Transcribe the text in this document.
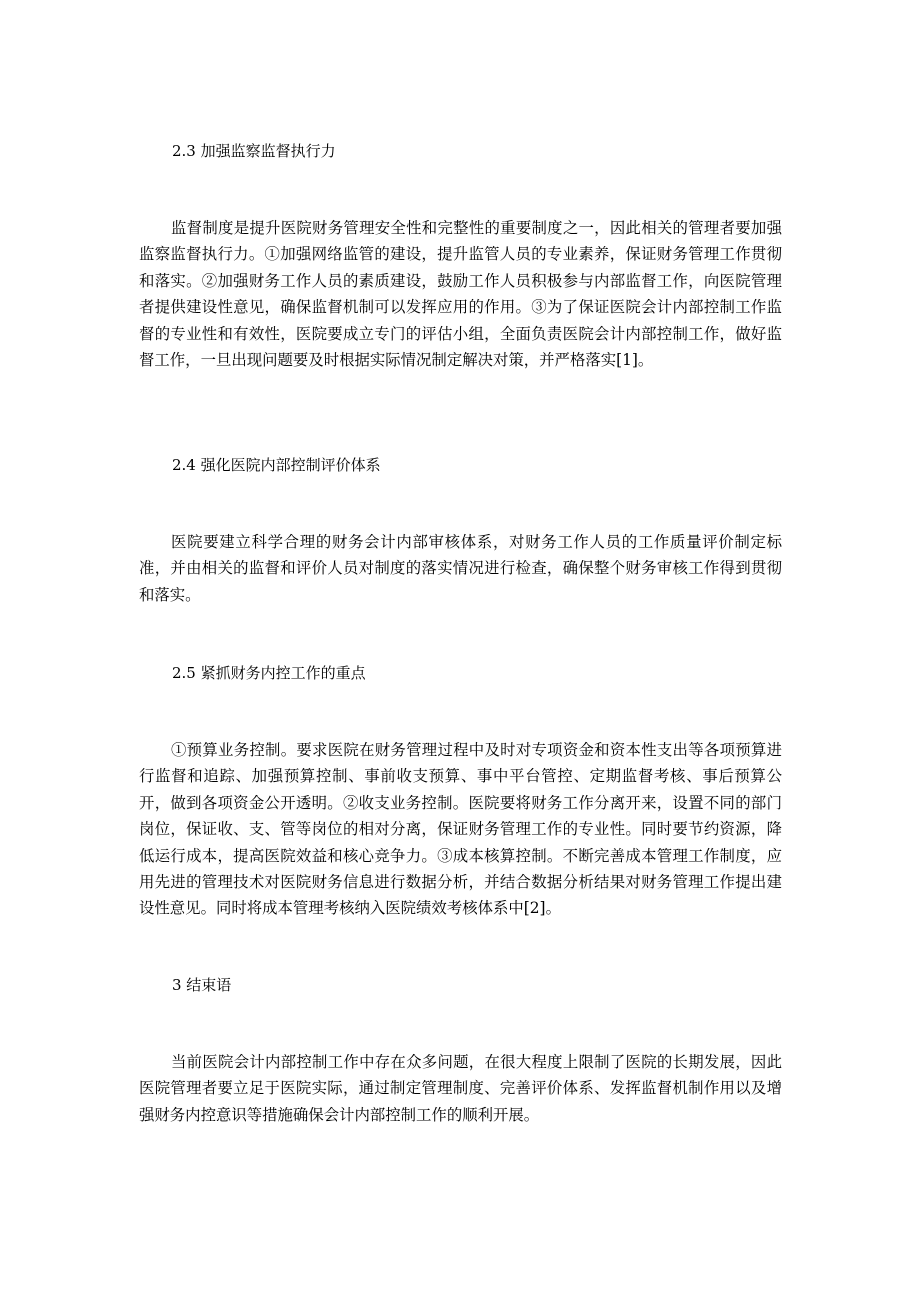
2.3 加强监察监督执行力

监督制度是提升医院财务管理安全性和完整性的重要制度之一，因此相关的管理者要加强监察监督执行力。①加强网络监管的建设，提升监管人员的专业素养，保证财务管理工作贯彻和落实。②加强财务工作人员的素质建设，鼓励工作人员积极参与内部监督工作，向医院管理者提供建设性意见，确保监督机制可以发挥应用的作用。③为了保证医院会计内部控制工作监督的专业性和有效性，医院要成立专门的评估小组，全面负责医院会计内部控制工作，做好监督工作，一旦出现问题要及时根据实际情况制定解决对策，并严格落实[1]。

2.4 强化医院内部控制评价体系

医院要建立科学合理的财务会计内部审核体系，对财务工作人员的工作质量评价制定标准，并由相关的监督和评价人员对制度的落实情况进行检查，确保整个财务审核工作得到贯彻和落实。

2.5 紧抓财务内控工作的重点

①预算业务控制。要求医院在财务管理过程中及时对专项资金和资本性支出等各项预算进行监督和追踪、加强预算控制、事前收支预算、事中平台管控、定期监督考核、事后预算公开，做到各项资金公开透明。②收支业务控制。医院要将财务工作分离开来，设置不同的部门岗位，保证收、支、管等岗位的相对分离，保证财务管理工作的专业性。同时要节约资源，降低运行成本，提高医院效益和核心竞争力。③成本核算控制。不断完善成本管理工作制度，应用先进的管理技术对医院财务信息进行数据分析，并结合数据分析结果对财务管理工作提出建设性意见。同时将成本管理考核纳入医院绩效考核体系中[2]。

3 结束语

当前医院会计内部控制工作中存在众多问题，在很大程度上限制了医院的长期发展，因此医院管理者要立足于医院实际，通过制定管理制度、完善评价体系、发挥监督机制作用以及增强财务内控意识等措施确保会计内部控制工作的顺利开展。
